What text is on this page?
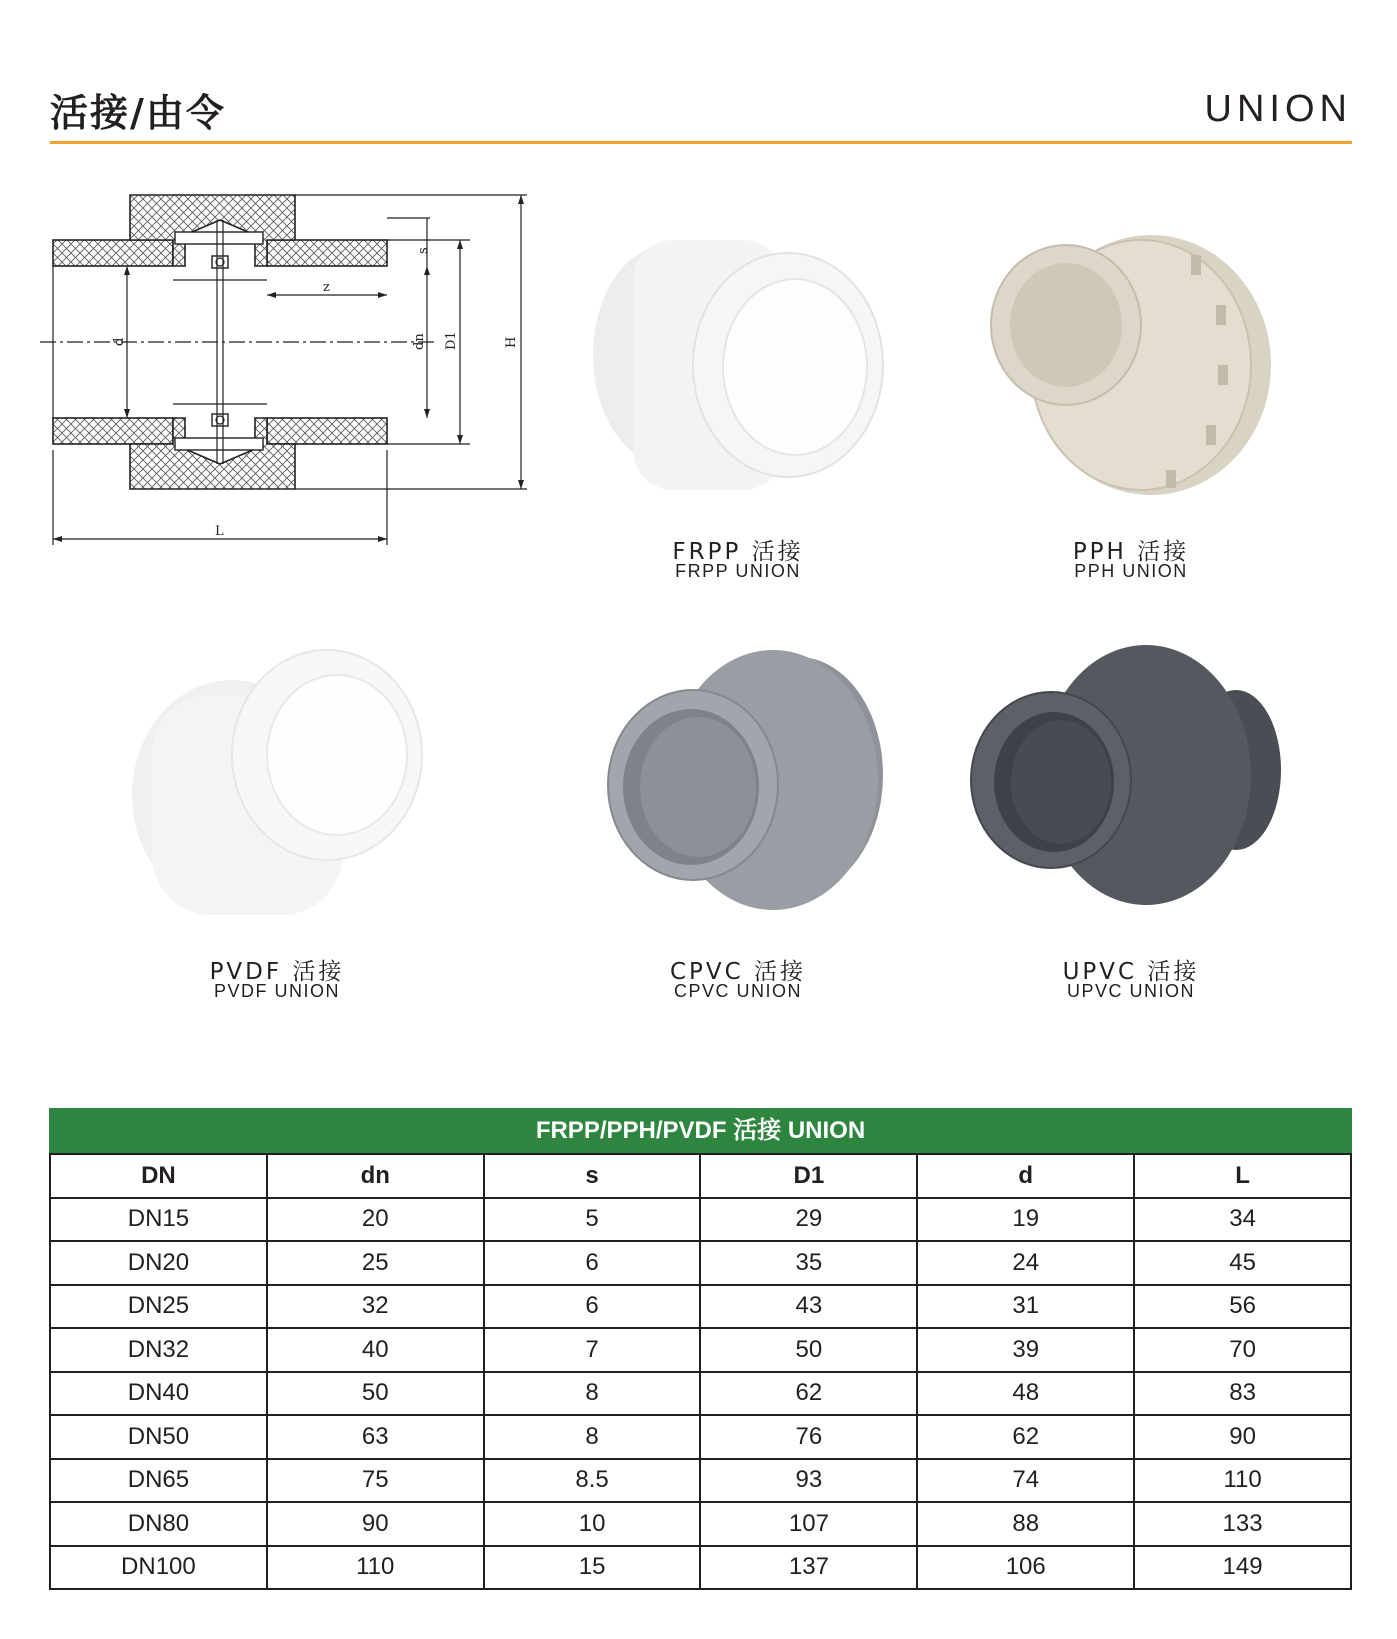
活接/由令	UNION
s
z
d	dn D1	H
L
FRPP 活接
FRPP UNION
PPH 活接
PPH UNION
PVDF 活接
PVDF UNION
CPVC 活接
CPVC UNION
UPVC 活接
UPVC UNION
FRPP/PPH/PVDF 活接 UNION
DN	dn	s	D1	d	L
DN15	20	5	29	19	34
DN20	25	6	35	24	45
DN25	32	6	43	31	56
DN32	40	7	50	39	70
DN40	50	8	62	48	83
DN50	63	8	76	62	90
DN65	75	8.5	93	74	110
DN80	90	10	107	88	133
DN100	110	15	137	106	149
